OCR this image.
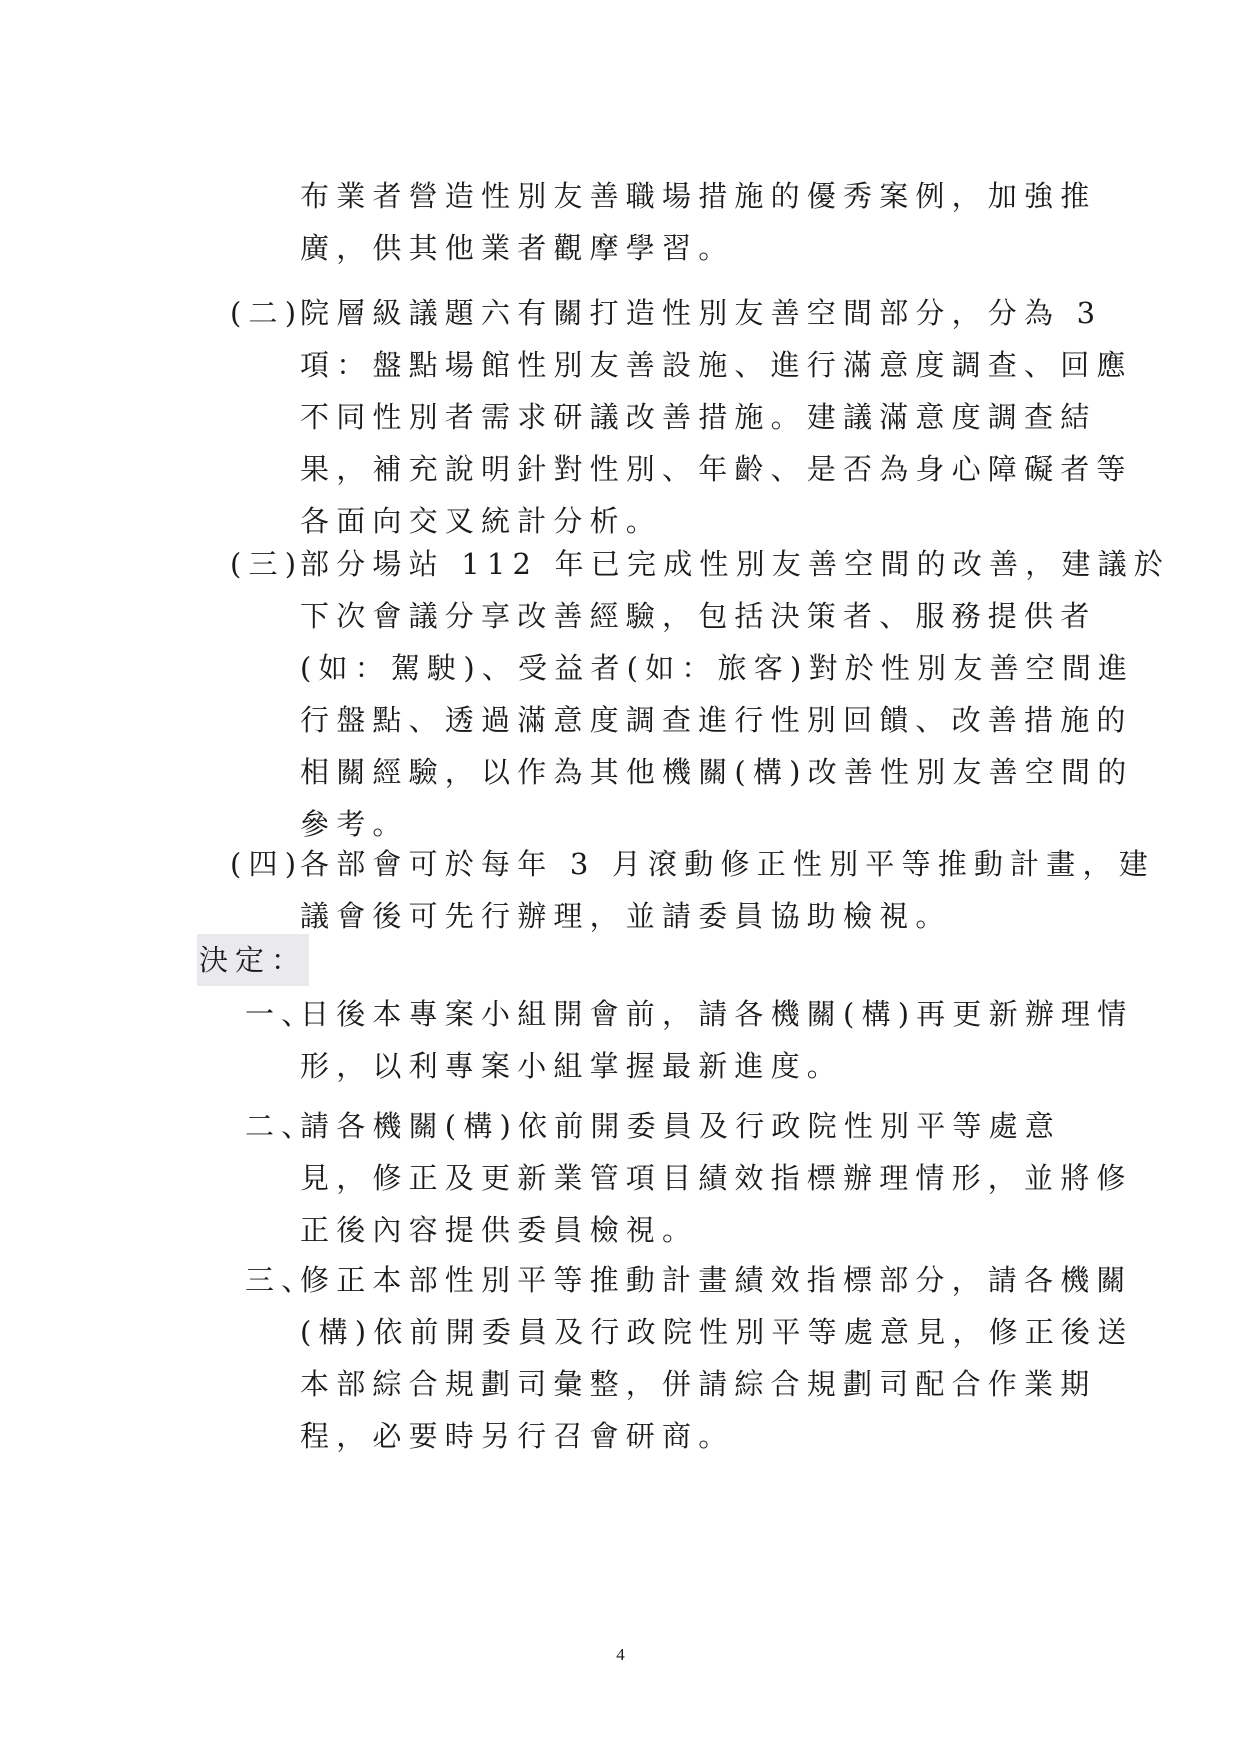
布業者營造性別友善職場措施的優秀案例，加強推
廣，供其他業者觀摩學習。
(二)
院層級議題六有關打造性別友善空間部分，分為 3
項：盤點場館性別友善設施、進行滿意度調查、回應
不同性別者需求研議改善措施。建議滿意度調查結
果，補充說明針對性別、年齡、是否為身心障礙者等
各面向交叉統計分析。
(三)
部分場站 112 年已完成性別友善空間的改善，建議於
下次會議分享改善經驗，包括決策者、服務提供者
(如：駕駛)、受益者(如：旅客)對於性別友善空間進
行盤點、透過滿意度調查進行性別回饋、改善措施的
相關經驗，以作為其他機關(構)改善性別友善空間的
參考。
(四)
各部會可於每年 3 月滾動修正性別平等推動計畫，建
議會後可先行辦理，並請委員協助檢視。
決定：
一、
日後本專案小組開會前，請各機關(構)再更新辦理情
形，以利專案小組掌握最新進度。
二、
請各機關(構)依前開委員及行政院性別平等處意
見，修正及更新業管項目績效指標辦理情形，並將修
正後內容提供委員檢視。
三、
修正本部性別平等推動計畫績效指標部分，請各機關
(構)依前開委員及行政院性別平等處意見，修正後送
本部綜合規劃司彙整，併請綜合規劃司配合作業期
程，必要時另行召會研商。
4
